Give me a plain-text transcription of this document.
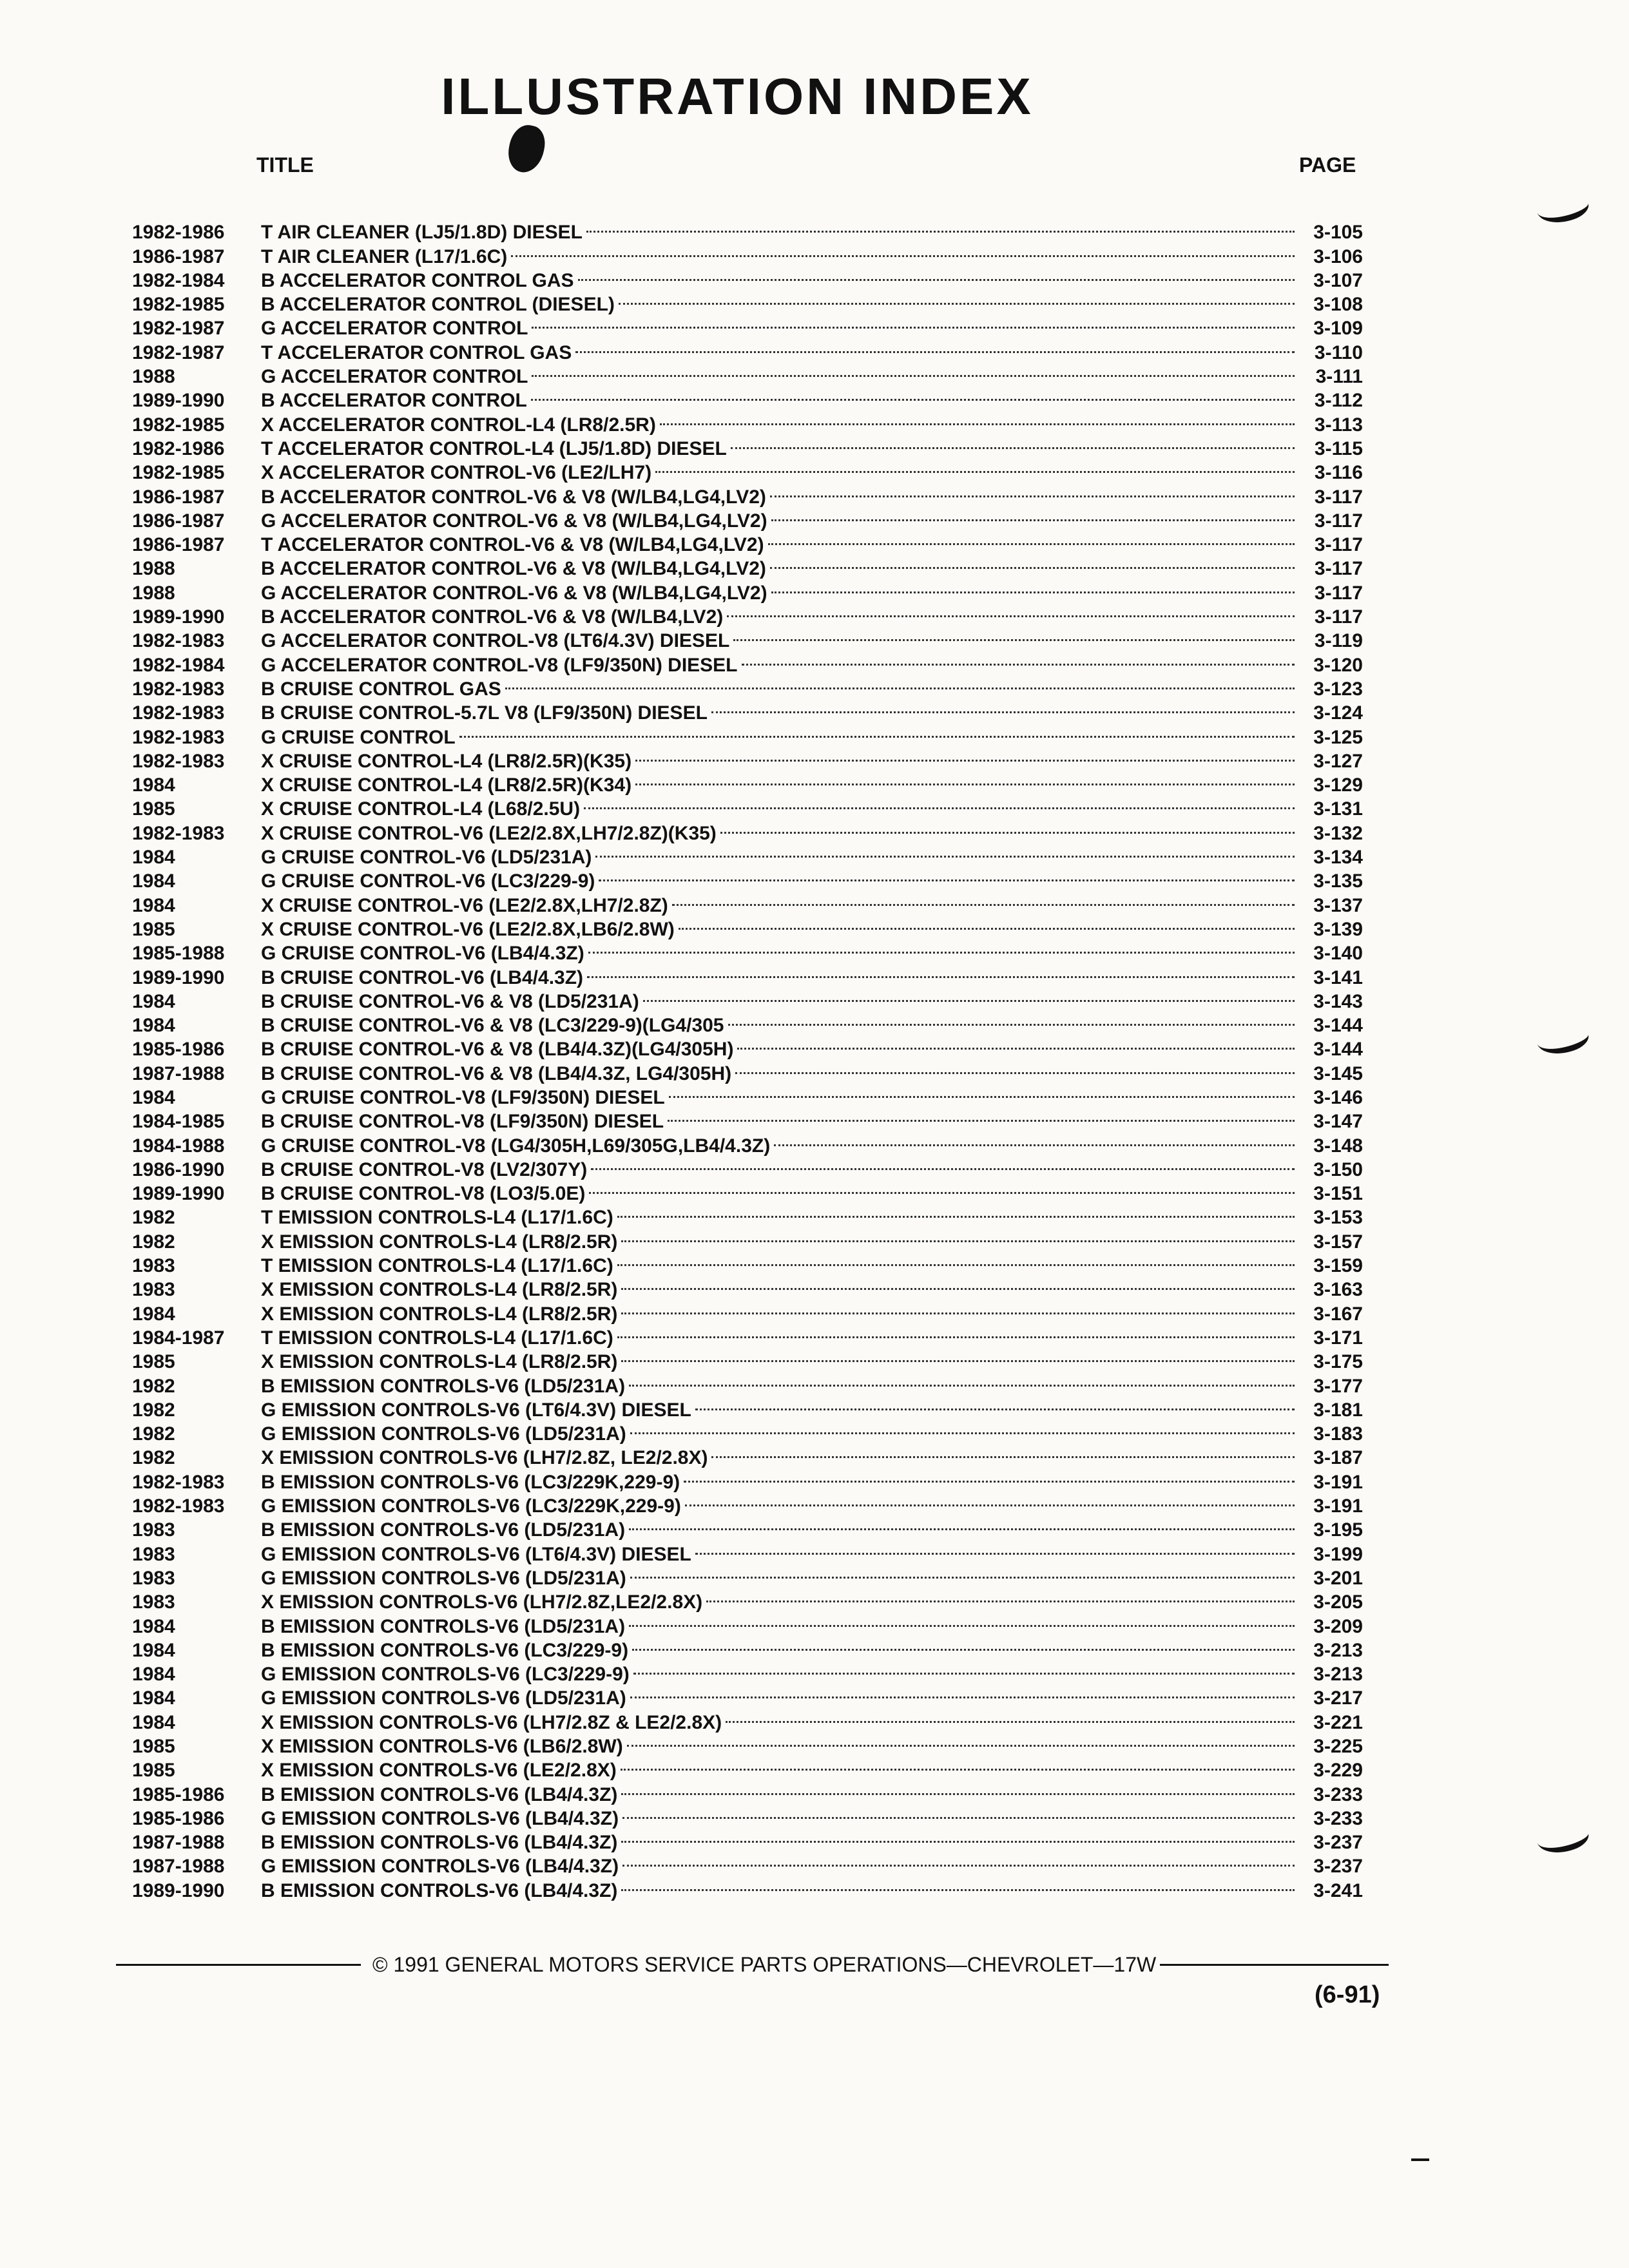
ILLUSTRATION INDEX
TITLE	PAGE
1982-1986	T AIR CLEANER (LJ5/1.8D) DIESEL	3-105
1986-1987	T AIR CLEANER (L17/1.6C)	3-106
1982-1984	B ACCELERATOR CONTROL GAS	3-107
1982-1985	B ACCELERATOR CONTROL (DIESEL)	3-108
1982-1987	G ACCELERATOR CONTROL	3-109
1982-1987	T ACCELERATOR CONTROL GAS	3-110
1988	G ACCELERATOR CONTROL	3-111
1989-1990	B ACCELERATOR CONTROL	3-112
1982-1985	X ACCELERATOR CONTROL-L4 (LR8/2.5R)	3-113
1982-1986	T ACCELERATOR CONTROL-L4 (LJ5/1.8D) DIESEL	3-115
1982-1985	X ACCELERATOR CONTROL-V6 (LE2/LH7)	3-116
1986-1987	B ACCELERATOR CONTROL-V6 & V8 (W/LB4,LG4,LV2)	3-117
1986-1987	G ACCELERATOR CONTROL-V6 & V8 (W/LB4,LG4,LV2)	3-117
1986-1987	T ACCELERATOR CONTROL-V6 & V8 (W/LB4,LG4,LV2)	3-117
1988	B ACCELERATOR CONTROL-V6 & V8 (W/LB4,LG4,LV2)	3-117
1988	G ACCELERATOR CONTROL-V6 & V8 (W/LB4,LG4,LV2)	3-117
1989-1990	B ACCELERATOR CONTROL-V6 & V8 (W/LB4,LV2)	3-117
1982-1983	G ACCELERATOR CONTROL-V8 (LT6/4.3V) DIESEL	3-119
1982-1984	G ACCELERATOR CONTROL-V8 (LF9/350N) DIESEL	3-120
1982-1983	B CRUISE CONTROL GAS	3-123
1982-1983	B CRUISE CONTROL-5.7L V8 (LF9/350N) DIESEL	3-124
1982-1983	G CRUISE CONTROL	3-125
1982-1983	X CRUISE CONTROL-L4 (LR8/2.5R)(K35)	3-127
1984	X CRUISE CONTROL-L4 (LR8/2.5R)(K34)	3-129
1985	X CRUISE CONTROL-L4 (L68/2.5U)	3-131
1982-1983	X CRUISE CONTROL-V6 (LE2/2.8X,LH7/2.8Z)(K35)	3-132
1984	G CRUISE CONTROL-V6 (LD5/231A)	3-134
1984	G CRUISE CONTROL-V6 (LC3/229-9)	3-135
1984	X CRUISE CONTROL-V6 (LE2/2.8X,LH7/2.8Z)	3-137
1985	X CRUISE CONTROL-V6 (LE2/2.8X,LB6/2.8W)	3-139
1985-1988	G CRUISE CONTROL-V6 (LB4/4.3Z)	3-140
1989-1990	B CRUISE CONTROL-V6 (LB4/4.3Z)	3-141
1984	B CRUISE CONTROL-V6 & V8 (LD5/231A)	3-143
1984	B CRUISE CONTROL-V6 & V8 (LC3/229-9)(LG4/305	3-144
1985-1986	B CRUISE CONTROL-V6 & V8 (LB4/4.3Z)(LG4/305H)	3-144
1987-1988	B CRUISE CONTROL-V6 & V8 (LB4/4.3Z, LG4/305H)	3-145
1984	G CRUISE CONTROL-V8 (LF9/350N) DIESEL	3-146
1984-1985	B CRUISE CONTROL-V8 (LF9/350N) DIESEL	3-147
1984-1988	G CRUISE CONTROL-V8 (LG4/305H,L69/305G,LB4/4.3Z)	3-148
1986-1990	B CRUISE CONTROL-V8 (LV2/307Y)	3-150
1989-1990	B CRUISE CONTROL-V8 (LO3/5.0E)	3-151
1982	T EMISSION CONTROLS-L4 (L17/1.6C)	3-153
1982	X EMISSION CONTROLS-L4 (LR8/2.5R)	3-157
1983	T EMISSION CONTROLS-L4 (L17/1.6C)	3-159
1983	X EMISSION CONTROLS-L4 (LR8/2.5R)	3-163
1984	X EMISSION CONTROLS-L4 (LR8/2.5R)	3-167
1984-1987	T EMISSION CONTROLS-L4 (L17/1.6C)	3-171
1985	X EMISSION CONTROLS-L4 (LR8/2.5R)	3-175
1982	B EMISSION CONTROLS-V6 (LD5/231A)	3-177
1982	G EMISSION CONTROLS-V6 (LT6/4.3V) DIESEL	3-181
1982	G EMISSION CONTROLS-V6 (LD5/231A)	3-183
1982	X EMISSION CONTROLS-V6 (LH7/2.8Z, LE2/2.8X)	3-187
1982-1983	B EMISSION CONTROLS-V6 (LC3/229K,229-9)	3-191
1982-1983	G EMISSION CONTROLS-V6 (LC3/229K,229-9)	3-191
1983	B EMISSION CONTROLS-V6 (LD5/231A)	3-195
1983	G EMISSION CONTROLS-V6 (LT6/4.3V) DIESEL	3-199
1983	G EMISSION CONTROLS-V6 (LD5/231A)	3-201
1983	X EMISSION CONTROLS-V6 (LH7/2.8Z,LE2/2.8X)	3-205
1984	B EMISSION CONTROLS-V6 (LD5/231A)	3-209
1984	B EMISSION CONTROLS-V6 (LC3/229-9)	3-213
1984	G EMISSION CONTROLS-V6 (LC3/229-9)	3-213
1984	G EMISSION CONTROLS-V6 (LD5/231A)	3-217
1984	X EMISSION CONTROLS-V6 (LH7/2.8Z & LE2/2.8X)	3-221
1985	X EMISSION CONTROLS-V6 (LB6/2.8W)	3-225
1985	X EMISSION CONTROLS-V6 (LE2/2.8X)	3-229
1985-1986	B EMISSION CONTROLS-V6 (LB4/4.3Z)	3-233
1985-1986	G EMISSION CONTROLS-V6 (LB4/4.3Z)	3-233
1987-1988	B EMISSION CONTROLS-V6 (LB4/4.3Z)	3-237
1987-1988	G EMISSION CONTROLS-V6 (LB4/4.3Z)	3-237
1989-1990	B EMISSION CONTROLS-V6 (LB4/4.3Z)	3-241
© 1991 GENERAL MOTORS SERVICE PARTS OPERATIONS—CHEVROLET—17W
(6-91)
